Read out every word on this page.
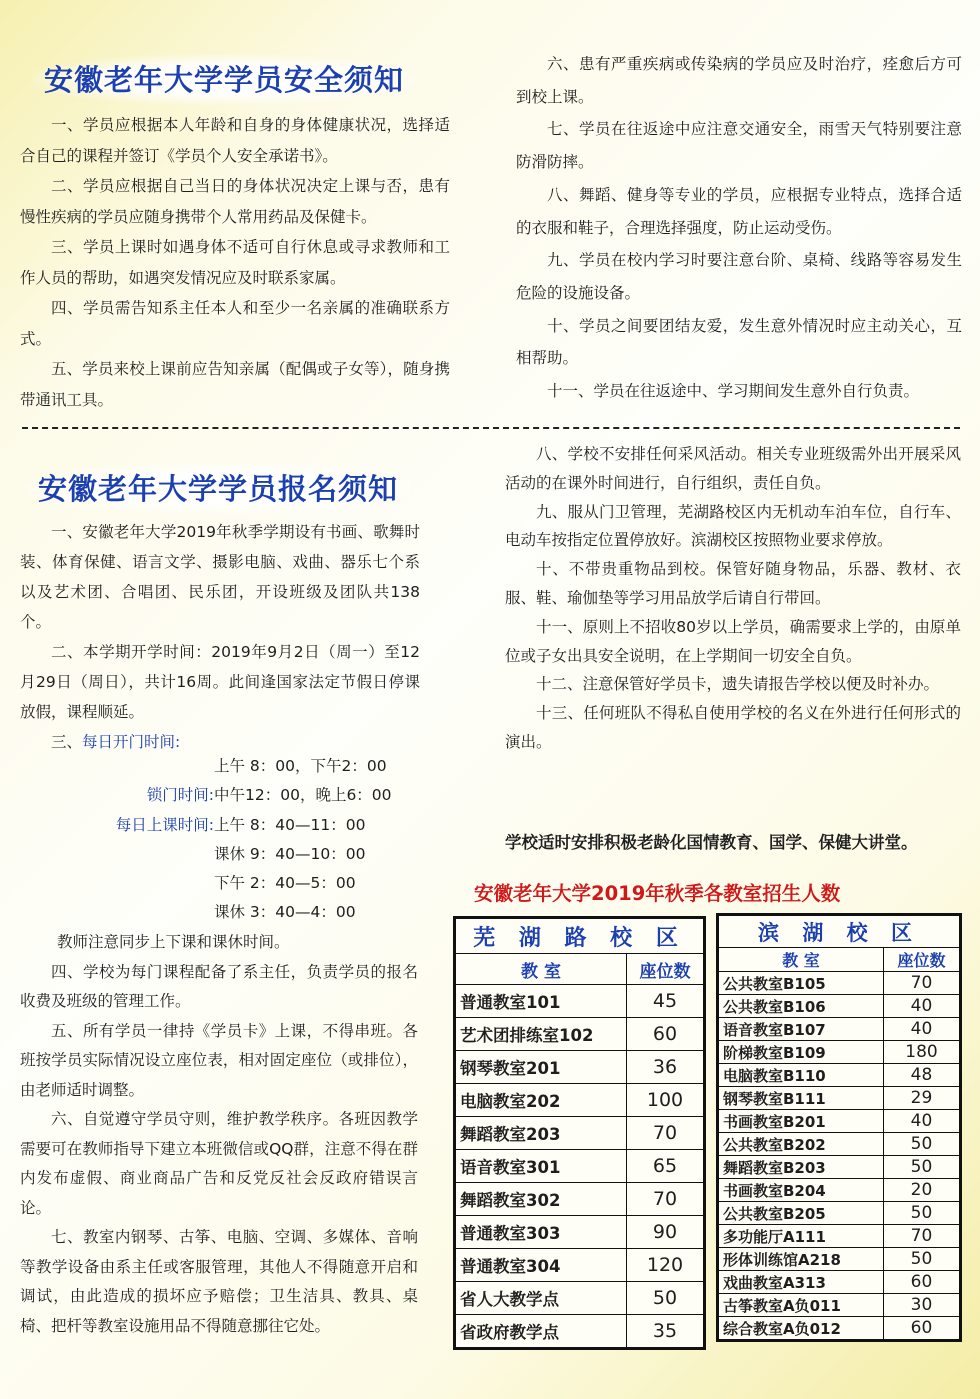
安徽老年大学学员安全须知

一、学员应根据本人年龄和自身的身体健康状况，选择适合自己的课程并签订《学员个人安全承诺书》。

二、学员应根据自己当日的身体状况决定上课与否，患有慢性疾病的学员应随身携带个人常用药品及保健卡。

三、学员上课时如遇身体不适可自行休息或寻求教师和工作人员的帮助，如遇突发情况应及时联系家属。

四、学员需告知系主任本人和至少一名亲属的准确联系方式。

五、学员来校上课前应告知亲属（配偶或子女等），随身携带通讯工具。

六、患有严重疾病或传染病的学员应及时治疗，痊愈后方可到校上课。

七、学员在往返途中应注意交通安全，雨雪天气特别要注意防滑防摔。

八、舞蹈、健身等专业的学员，应根据专业特点，选择合适的衣服和鞋子，合理选择强度，防止运动受伤。

九、学员在校内学习时要注意台阶、桌椅、线路等容易发生危险的设施设备。

十、学员之间要团结友爱，发生意外情况时应主动关心，互相帮助。

十一、学员在往返途中、学习期间发生意外自行负责。

安徽老年大学学员报名须知

一、安徽老年大学2019年秋季学期设有书画、歌舞时装、体育保健、语言文学、摄影电脑、戏曲、器乐七个系以及艺术团、合唱团、民乐团，开设班级及团队共138个。

二、本学期开学时间：2019年9月2日（周一）至12月29日（周日），共计16周。此间逢国家法定节假日停课放假，课程顺延。

三、每日开门时间:

上午 8：00，下午2：00
锁门时间:中午12：00，晚上6：00
每日上课时间:上午 8：40—11：00
课休 9：40—10：00
下午 2：40—5：00
课休 3：40—4：00

教师注意同步上下课和课休时间。

四、学校为每门课程配备了系主任，负责学员的报名收费及班级的管理工作。

五、所有学员一律持《学员卡》上课，不得串班。各班按学员实际情况设立座位表，相对固定座位（或排位），由老师适时调整。

六、自觉遵守学员守则，维护教学秩序。各班因教学需要可在教师指导下建立本班微信或QQ群，注意不得在群内发布虚假、商业商品广告和反党反社会反政府错误言论。

七、教室内钢琴、古筝、电脑、空调、多媒体、音响等教学设备由系主任或客服管理，其他人不得随意开启和调试，由此造成的损坏应予赔偿；卫生洁具、教具、桌椅、把杆等教室设施用品不得随意挪往它处。

八、学校不安排任何采风活动。相关专业班级需外出开展采风活动的在课外时间进行，自行组织，责任自负。

九、服从门卫管理，芜湖路校区内无机动车泊车位，自行车、电动车按指定位置停放好。滨湖校区按照物业要求停放。

十、不带贵重物品到校。保管好随身物品，乐器、教材、衣服、鞋、瑜伽垫等学习用品放学后请自行带回。

十一、原则上不招收80岁以上学员，确需要求上学的，由原单位或子女出具安全说明，在上学期间一切安全自负。

十二、注意保管好学员卡，遗失请报告学校以便及时补办。

十三、任何班队不得私自使用学校的名义在外进行任何形式的演出。

学校适时安排积极老龄化国情教育、国学、保健大讲堂。
安徽老年大学2019年秋季各教室招生人数
芜 湖 路 校 区	
教 室	座位数
普通教室101	45
艺术团排练室102	60
钢琴教室201	36
电脑教室202	100
舞蹈教室203	70
语音教室301	65
舞蹈教室302	70
普通教室303	90
普通教室304	120
省人大教学点	50
省政府教学点	35
滨 湖 校 区	
教 室	座位数
公共教室B105	70
公共教室B106	40
语音教室B107	40
阶梯教室B109	180
电脑教室B110	48
钢琴教室B111	29
书画教室B201	40
公共教室B202	50
舞蹈教室B203	50
书画教室B204	20
公共教室B205	50
多功能厅A111	70
形体训练馆A218	50
戏曲教室A313	60
古筝教室A负011	30
综合教室A负012	60
